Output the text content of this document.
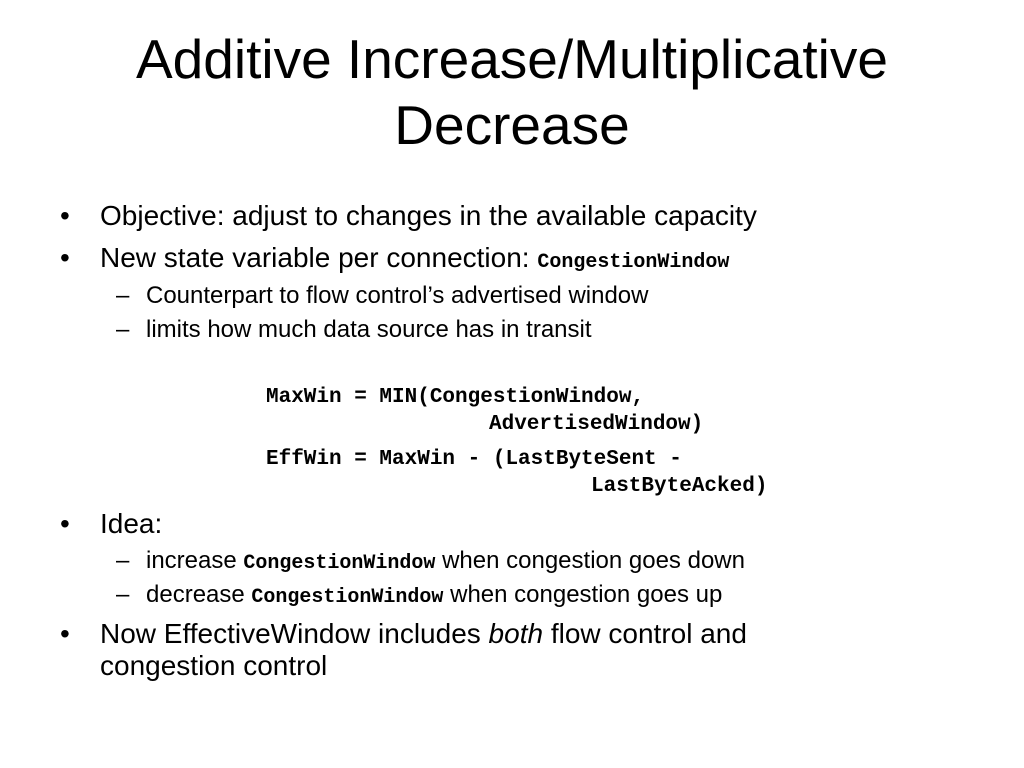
Additive Increase/Multiplicative
Decrease
• Objective: adjust to changes in the available capacity
• New state variable per connection: CongestionWindow
– Counterpart to flow control’s advertised window
– limits how much data source has in transit
MaxWin = MIN(CongestionWindow,
AdvertisedWindow)
EffWin = MaxWin - (LastByteSent -
LastByteAcked)
• Idea:
– increase CongestionWindow when congestion goes down
– decrease CongestionWindow when congestion goes up
• Now EffectiveWindow includes both flow control and
congestion control
